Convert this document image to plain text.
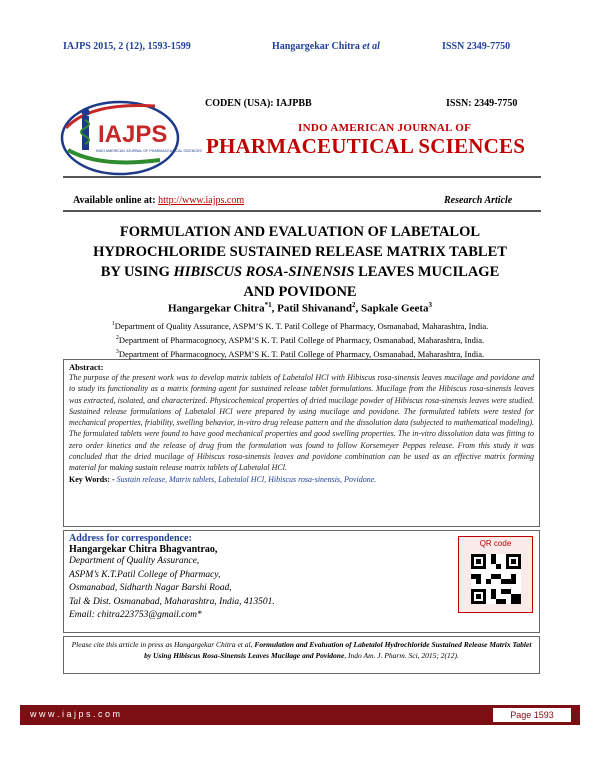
IAJPS 2015, 2 (12), 1593-1599	Hangargekar Chitra et al	ISSN 2349-7750
IAJPS
INDO AMERICAN JOURNAL OF PHARMACEUTICAL SCIENCES
CODEN (USA): IAJPBB	ISSN: 2349-7750
INDO AMERICAN JOURNAL OF
PHARMACEUTICAL SCIENCES
Available online at: http://www.iajps.com	Research Article
FORMULATION AND EVALUATION OF LABETALOL
HYDROCHLORIDE SUSTAINED RELEASE MATRIX TABLET
BY USING HIBISCUS ROSA-SINENSIS LEAVES MUCILAGE
AND POVIDONE
Hangargekar Chitra$^{*1}$, Patil Shivanand$^2$, Sapkale Geeta$^3$
$^1$Department of Quality Assurance, ASPM’S K. T. Patil College of Pharmacy, Osmanabad, Maharashtra, India.
$^2$Department of Pharmacognocy, ASPM’S K. T. Patil College of Pharmacy, Osmanabad, Maharashtra, India.
$^3$Department of Pharmacognocy, ASPM’S K. T. Patil College of Pharmacy, Osmanabad, Maharashtra, India.
Abstract:
The purpose of the present work was to develop matrix tablets of Labetalol HCl with Hibiscus rosa-sinensis leaves mucilage and povidone and to study its functionality as a matrix forming agent for sustained release tablet formulations. Mucilage from the Hibiscus rosa-sinensis leaves was extracted, isolated, and characterized. Physicochemical properties of dried mucilage powder of Hibiscus rosa-sinensis leaves were studied. Sustained release formulations of Labetalol HCl were prepared by using mucilage and povidone. The formulated tablets were tested for mechanical properties, friability, swelling behavior, in-vitro drug release pattern and the dissolution data (subjected to mathematical modeling). The formulated tablets were found to have good mechanical properties and good swelling properties. The in-vitro dissolution data was fitting to zero order kinetics and the release of drug from the formulation was found to follow Korsemeyer Peppas release. From this study it was concluded that the dried mucilage of Hibiscus rosa-sinensis leaves and povidone combination can be used as an effective matrix forming material for making sustain release matrix tablets of Labetalol HCl.
Key Words: - Sustain release, Matrix tablets, Labetalol HCl, Hibiscus rosa-sinensis, Povidone.
Address for correspondence:
Hangargekar Chitra Bhagvantrao,
Department of Quality Assurance,
ASPM’s K.T.Patil College of Pharmacy,
Osmanabad, Sidharth Nagar Barshi Road,
Tal & Dist. Osmanabad, Maharashtra, India, 413501.
Email: chitra223753@gmail.com*
QR code
Please cite this article in press as Hangargekar Chitra et al, Formulation and Evaluation of Labetalol Hydrochloride Sustained Release Matrix Tablet by Using Hibiscus Rosa-Sinensis Leaves Mucilage and Povidone, Indo Am. J. Pharm. Sci, 2015; 2(12).
w w w . i a j p s . c o m	Page 1593
